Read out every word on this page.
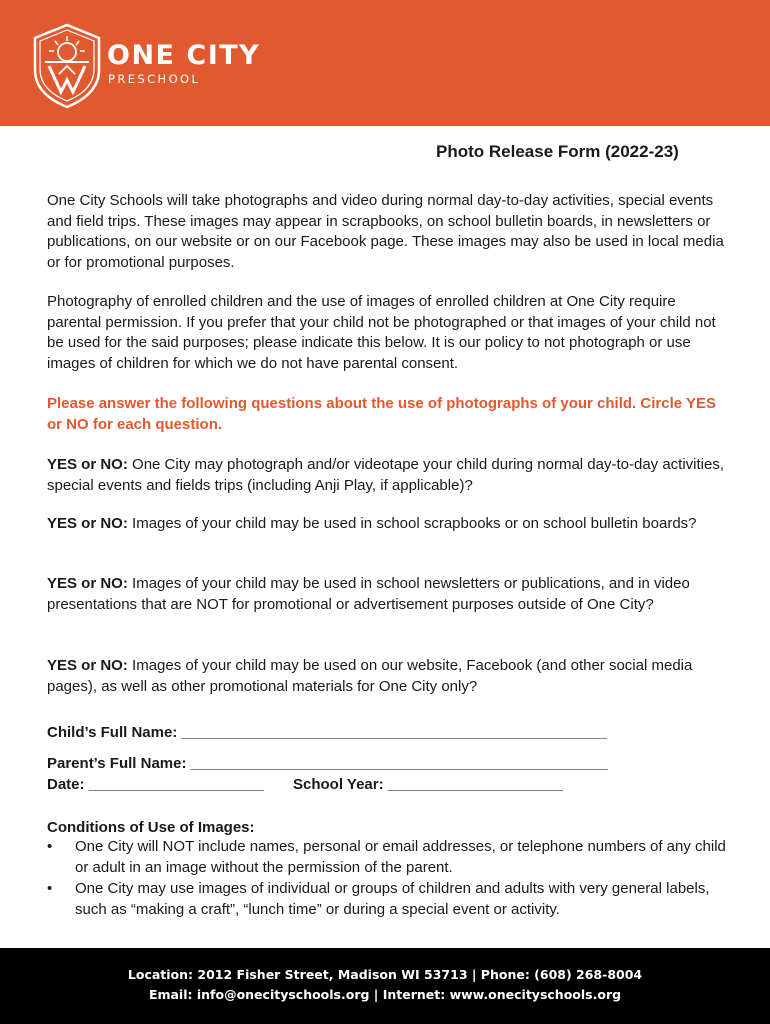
ONE CITY
PRESCHOOL
Photo Release Form (2022-23)

One City Schools will take photographs and video during normal day-to-day activities, special events and field trips. These images may appear in scrapbooks, on school bulletin boards, in newsletters or publications, on our website or on our Facebook page. These images may also be used in local media or for promotional purposes.

Photography of enrolled children and the use of images of enrolled children at One City require parental permission. If you prefer that your child not be photographed or that images of your child not be used for the said purposes; please indicate this below. It is our policy to not photograph or use images of children for which we do not have parental consent.

Please answer the following questions about the use of photographs of your child. Circle YES or NO for each question.

YES or NO: One City may photograph and/or videotape your child during normal day-to-day activities, special events and fields trips (including Anji Play, if applicable)?

YES or NO: Images of your child may be used in school scrapbooks or on school bulletin boards?

YES or NO: Images of your child may be used in school newsletters or publications, and in video presentations that are NOT for promotional or advertisement purposes outside of One City?

YES or NO: Images of your child may be used on our website, Facebook (and other social media pages), as well as other promotional materials for One City only?

Child’s Full Name: ___________________________________________________
Parent’s Full Name: __________________________________________________
Date: _____________________ School Year: _____________________
Conditions of Use of Images:
• One City will NOT include names, personal or email addresses, or telephone numbers of any child or adult in an image without the permission of the parent.
• One City may use images of individual or groups of children and adults with very general labels, such as “making a craft”, “lunch time” or during a special event or activity.
Location: 2012 Fisher Street, Madison WI 53713 | Phone: (608) 268-8004
Email: info@onecityschools.org | Internet: www.onecityschools.org
